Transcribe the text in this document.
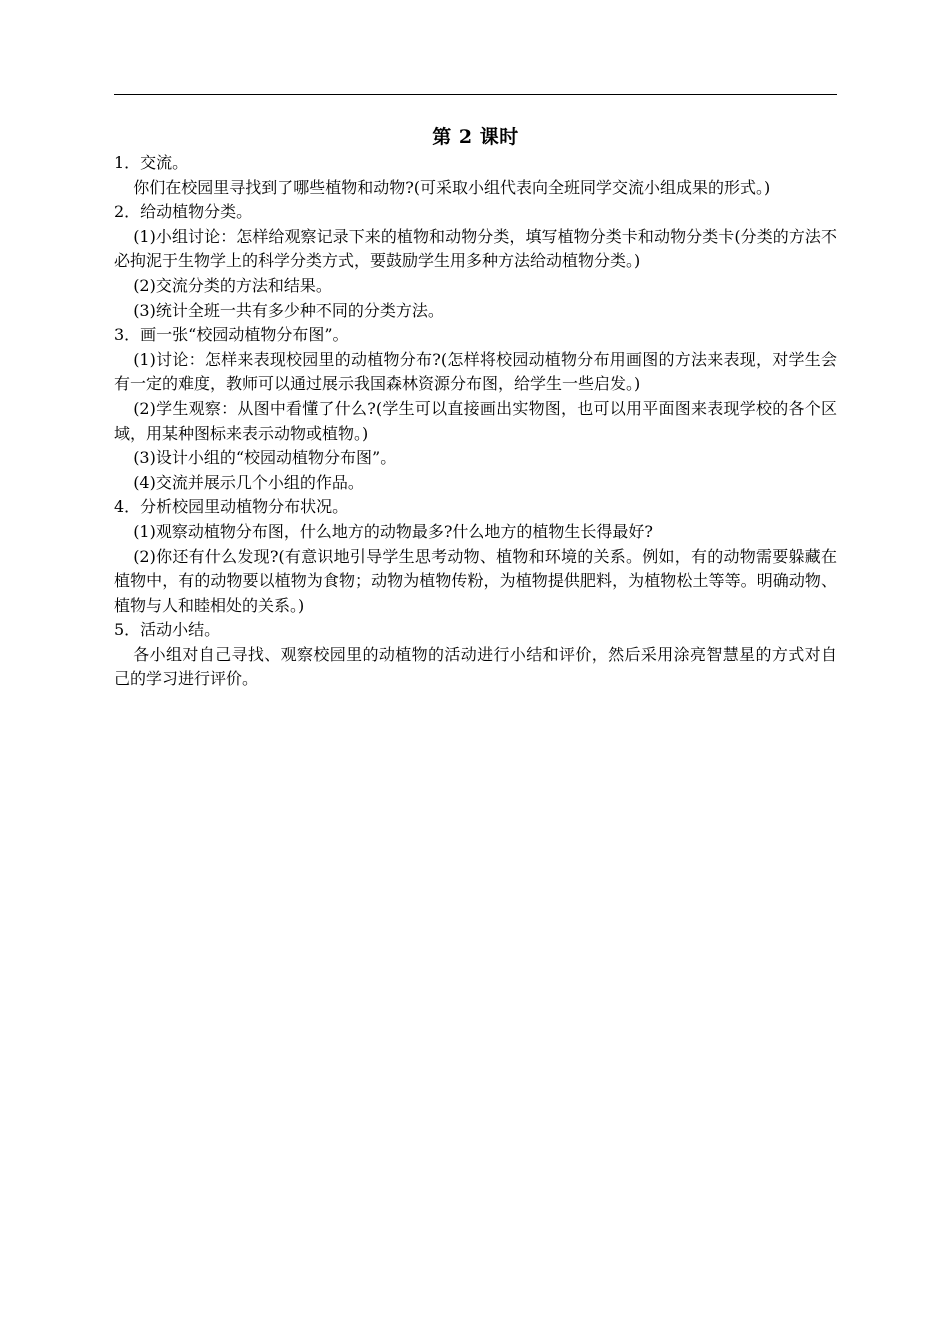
第 2 课时

1．交流。

你们在校园里寻找到了哪些植物和动物?(可采取小组代表向全班同学交流小组成果的形式。)

2．给动植物分类。

(1)小组讨论：怎样给观察记录下来的植物和动物分类，填写植物分类卡和动物分类卡(分类的方法不必拘泥于生物学上的科学分类方式，要鼓励学生用多种方法给动植物分类。)

(2)交流分类的方法和结果。

(3)统计全班一共有多少种不同的分类方法。

3．画一张“校园动植物分布图”。

(1)讨论：怎样来表现校园里的动植物分布?(怎样将校园动植物分布用画图的方法来表现，对学生会有一定的难度，教师可以通过展示我国森林资源分布图，给学生一些启发。)

(2)学生观察：从图中看懂了什么?(学生可以直接画出实物图，也可以用平面图来表现学校的各个区域，用某种图标来表示动物或植物。)

(3)设计小组的“校园动植物分布图”。

(4)交流并展示几个小组的作品。

4．分析校园里动植物分布状况。

(1)观察动植物分布图，什么地方的动物最多?什么地方的植物生长得最好?

(2)你还有什么发现?(有意识地引导学生思考动物、植物和环境的关系。例如，有的动物需要躲藏在植物中，有的动物要以植物为食物；动物为植物传粉，为植物提供肥料，为植物松土等等。明确动物、植物与人和睦相处的关系。)

5．活动小结。

各小组对自己寻找、观察校园里的动植物的活动进行小结和评价，然后采用涂亮智慧星的方式对自己的学习进行评价。
